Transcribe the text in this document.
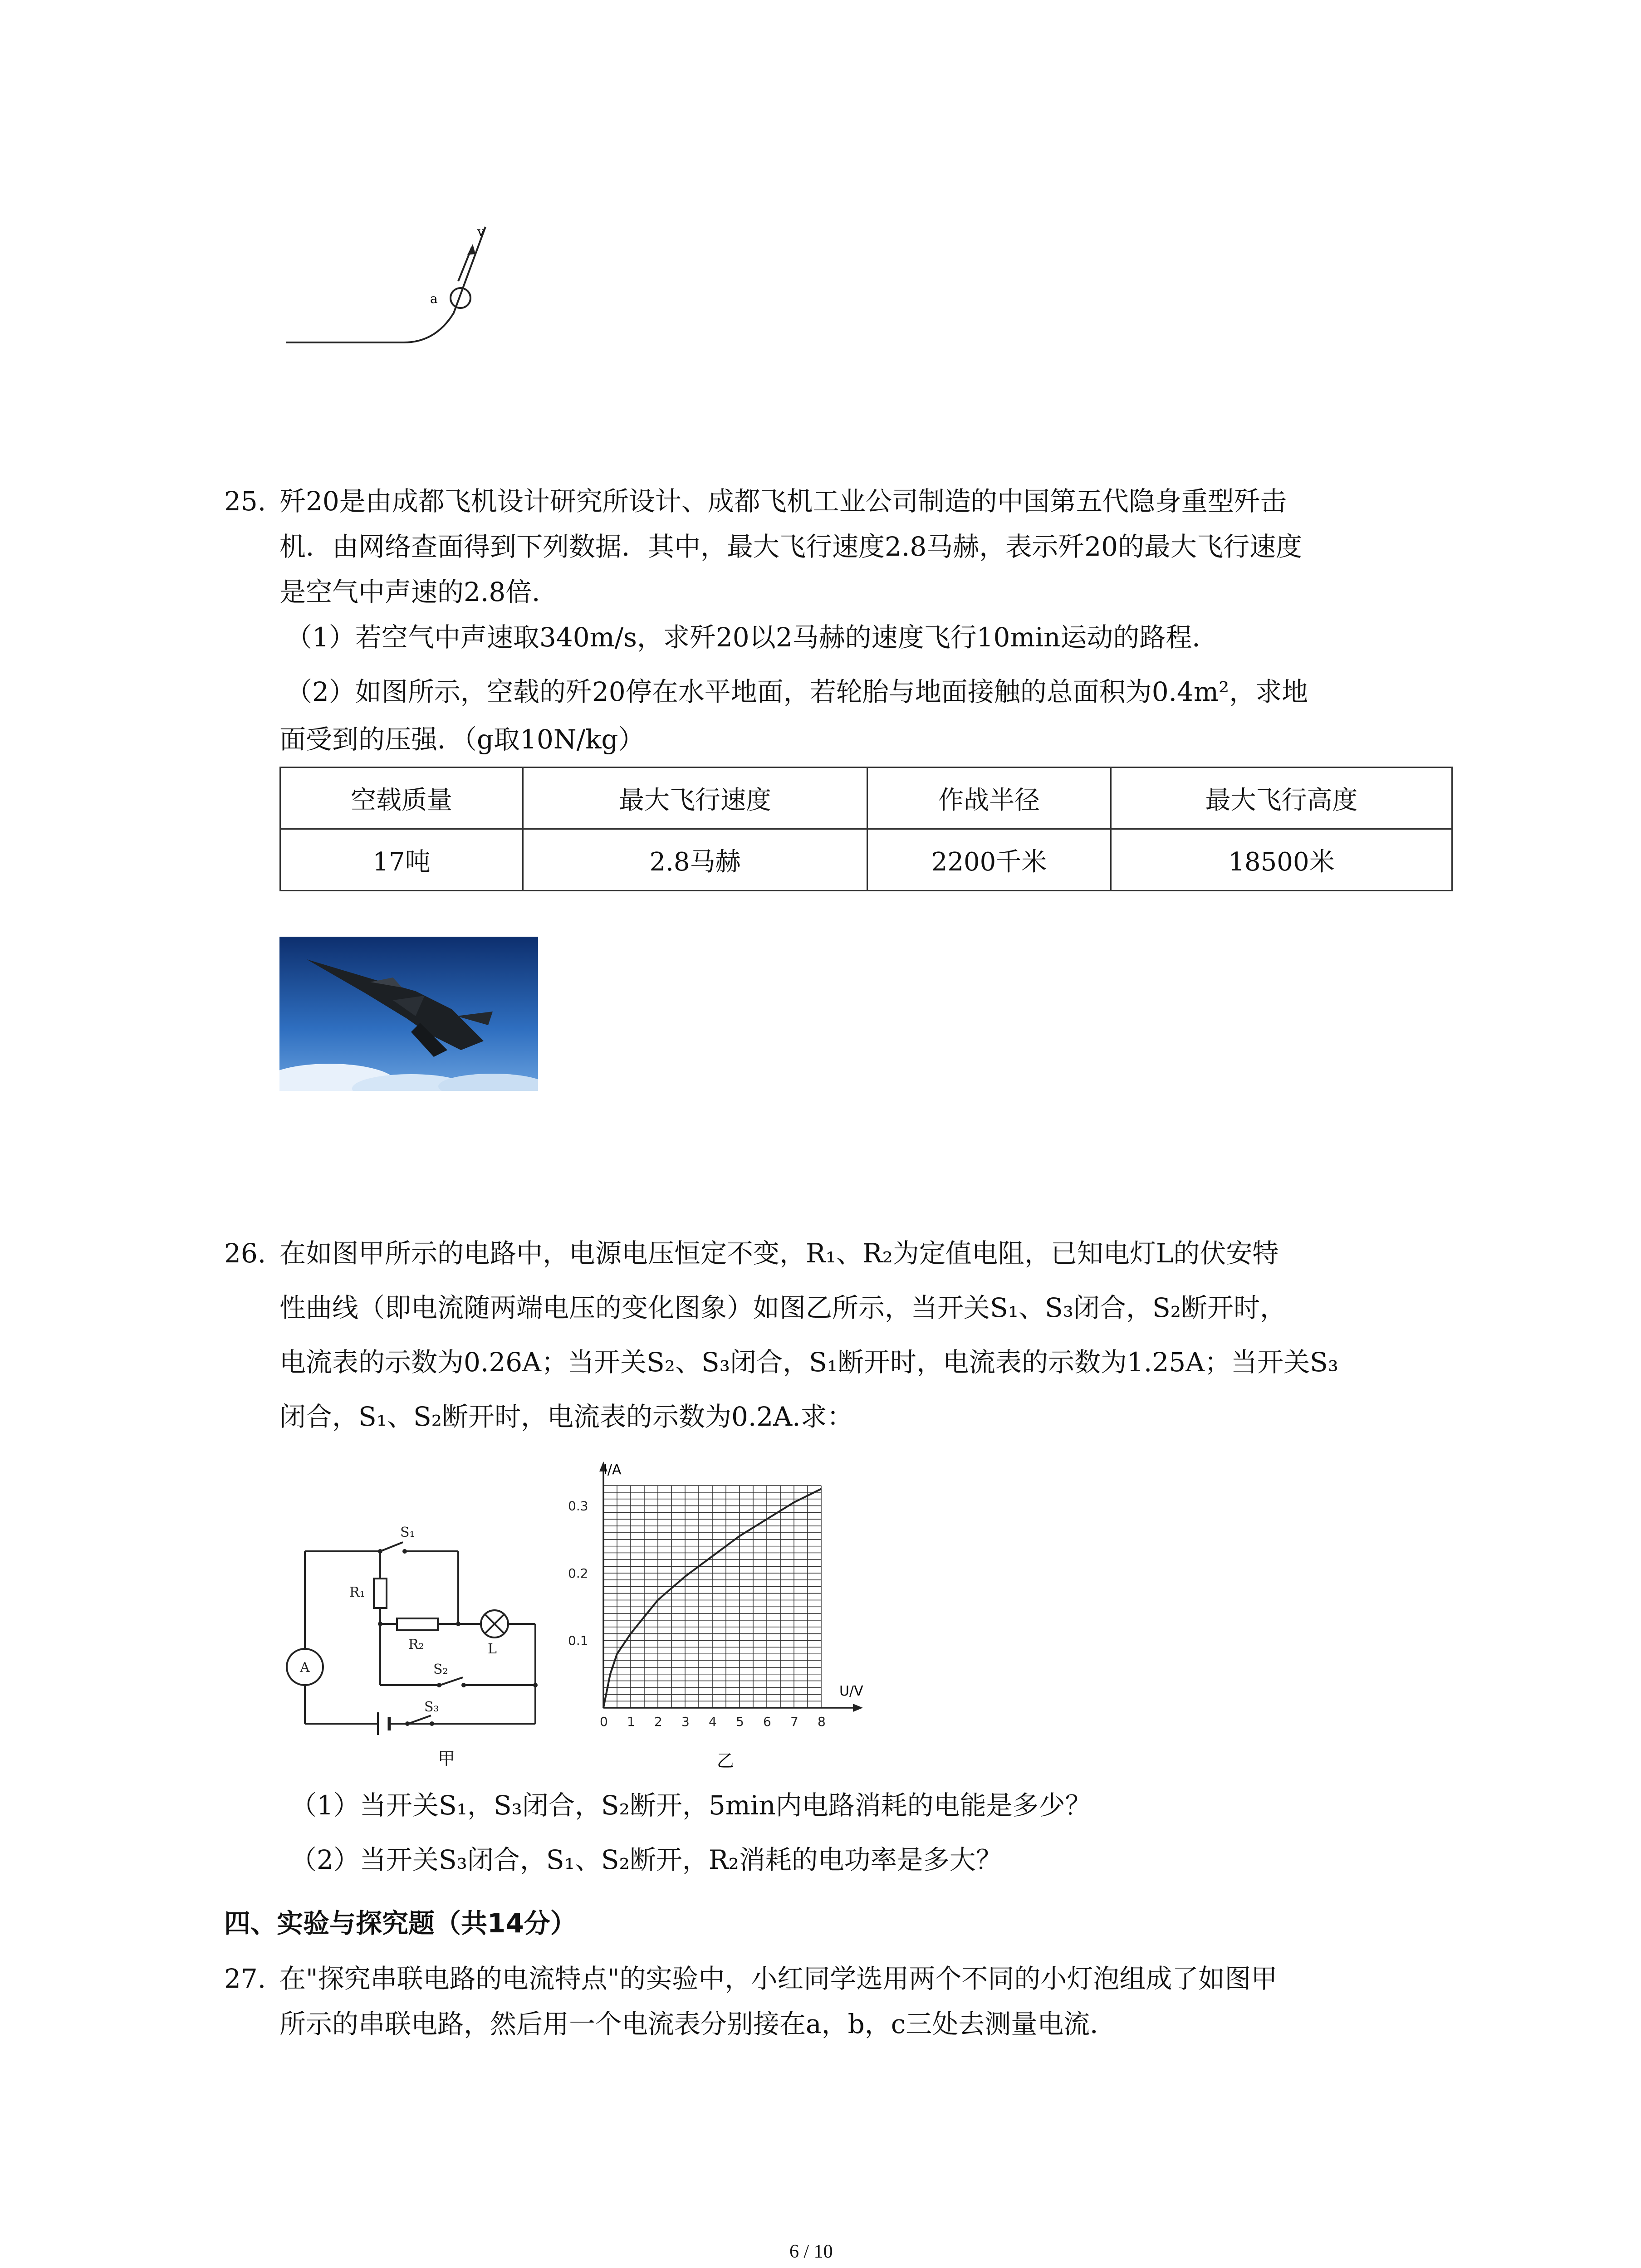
v
a
25. 歼20是由成都飞机设计研究所设计、成都飞机工业公司制造的中国第五代隐身重型歼击
机．由网络查面得到下列数据．其中，最大飞行速度2.8马赫，表示歼20的最大飞行速度
是空气中声速的2.8倍．
（1）若空气中声速取340m/s，求歼20以2马赫的速度飞行10min运动的路程．
（2）如图所示，空载的歼20停在水平地面，若轮胎与地面接触的总面积为0.4m²，求地
面受到的压强．（g取10N/kg）
空载质量	最大飞行速度	作战半径	最大飞行高度
17吨	2.8马赫	2200千米	18500米
26. 在如图甲所示的电路中，电源电压恒定不变，R₁、R₂为定值电阻，已知电灯L的伏安特
性曲线（即电流随两端电压的变化图象）如图乙所示，当开关S₁、S₃闭合，S₂断开时，
电流表的示数为0.26A；当开关S₂、S₃闭合，S₁断开时，电流表的示数为1.25A；当开关S₃
闭合，S₁、S₂断开时，电流表的示数为0.2A.求：
S₁
R₁
R₂
S₂
L
S₃
A
甲
0 1 2 3 4 5 6 7 8
0.1
0.2
0.3
I/A
U/V
乙
（1）当开关S₁，S₃闭合，S₂断开，5min内电路消耗的电能是多少？
（2）当开关S₃闭合，S₁、S₂断开，R₂消耗的电功率是多大？
四、实验与探究题（共14分）
27. 在"探究串联电路的电流特点"的实验中，小红同学选用两个不同的小灯泡组成了如图甲
所示的串联电路，然后用一个电流表分别接在a，b，c三处去测量电流．
6 / 10
